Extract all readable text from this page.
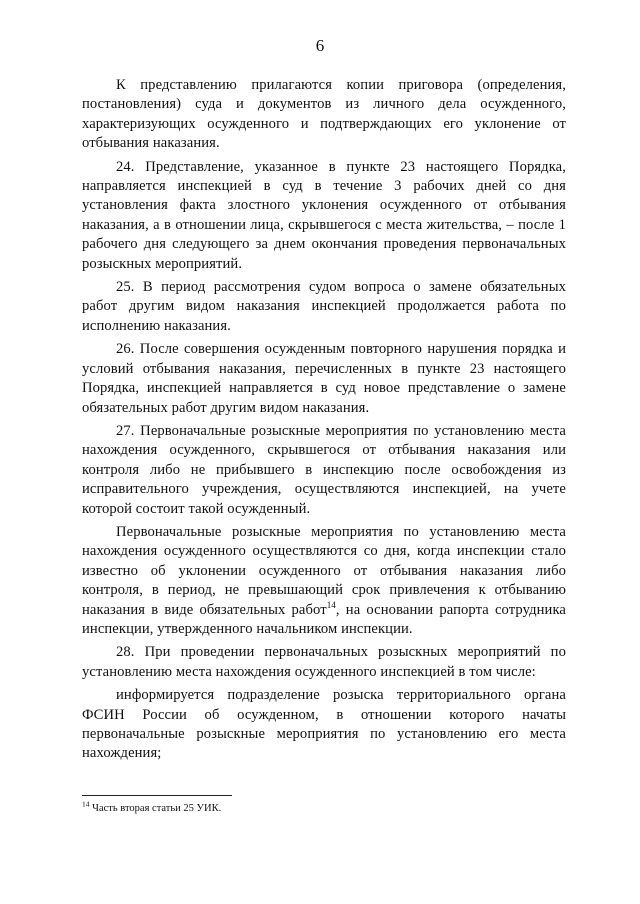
6

К представлению прилагаются копии приговора (определения, постановления) суда и документов из личного дела осужденного, характеризующих осужденного и подтверждающих его уклонение от отбывания наказания.

24. Представление, указанное в пункте 23 настоящего Порядка, направляется инспекцией в суд в течение 3 рабочих дней со дня установления факта злостного уклонения осужденного от отбывания наказания, а в отношении лица, скрывшегося с места жительства, – после 1 рабочего дня следующего за днем окончания проведения первоначальных розыскных мероприятий.

25. В период рассмотрения судом вопроса о замене обязательных работ другим видом наказания инспекцией продолжается работа по исполнению наказания.

26. После совершения осужденным повторного нарушения порядка и условий отбывания наказания, перечисленных в пункте 23 настоящего Порядка, инспекцией направляется в суд новое представление о замене обязательных работ другим видом наказания.

27. Первоначальные розыскные мероприятия по установлению места нахождения осужденного, скрывшегося от отбывания наказания или контроля либо не прибывшего в инспекцию после освобождения из исправительного учреждения, осуществляются инспекцией, на учете которой состоит такой осужденный.

Первоначальные розыскные мероприятия по установлению места нахождения осужденного осуществляются со дня, когда инспекции стало известно об уклонении осужденного от отбывания наказания либо контроля, в период, не превышающий срок привлечения к отбыванию наказания в виде обязательных работ$^{14}$, на основании рапорта сотрудника инспекции, утвержденного начальником инспекции.

28. При проведении первоначальных розыскных мероприятий по установлению места нахождения осужденного инспекцией в том числе:

информируется подразделение розыска территориального органа ФСИН России об осужденном, в отношении которого начаты первоначальные розыскные мероприятия по установлению его места нахождения;

$^{14}$ Часть вторая статьи 25 УИК.
